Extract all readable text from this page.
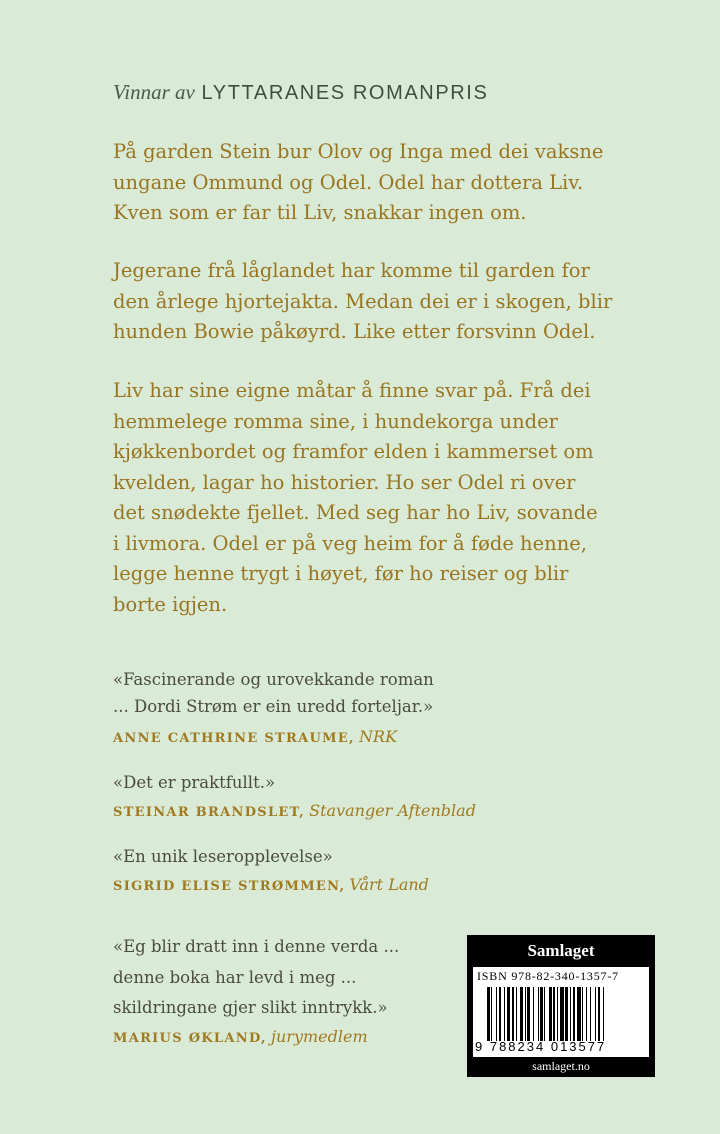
Vinnar av LYTTARANES ROMANPRIS

På garden Stein bur Olov og Inga med dei vaksne

ungane Ommund og Odel. Odel har dottera Liv.

Kven som er far til Liv, snakkar ingen om.

Jegerane frå låglandet har komme til garden for

den årlege hjortejakta. Medan dei er i skogen, blir

hunden Bowie påkøyrd. Like etter forsvinn Odel.

Liv har sine eigne måtar å finne svar på. Frå dei

hemmelege romma sine, i hundekorga under

kjøkkenbordet og framfor elden i kammerset om

kvelden, lagar ho historier. Ho ser Odel ri over

det snødekte fjellet. Med seg har ho Liv, sovande

i livmora. Odel er på veg heim for å føde henne,

legge henne trygt i høyet, før ho reiser og blir

borte igjen.

«Fascinerande og urovekkande roman

... Dordi Strøm er ein uredd forteljar.»

ANNE CATHRINE STRAUME, NRK

«Det er praktfullt.»

STEINAR BRANDSLET, Stavanger Aftenblad

«En unik leseropplevelse»

SIGRID ELISE STRØMMEN, Vårt Land

«Eg blir dratt inn i denne verda ...

denne boka har levd i meg ...

skildringane gjer slikt inntrykk.»

MARIUS ØKLAND, jurymedlem
Samlaget
ISBN 978-82-340-1357-7
9 788234 013577
samlaget.no
